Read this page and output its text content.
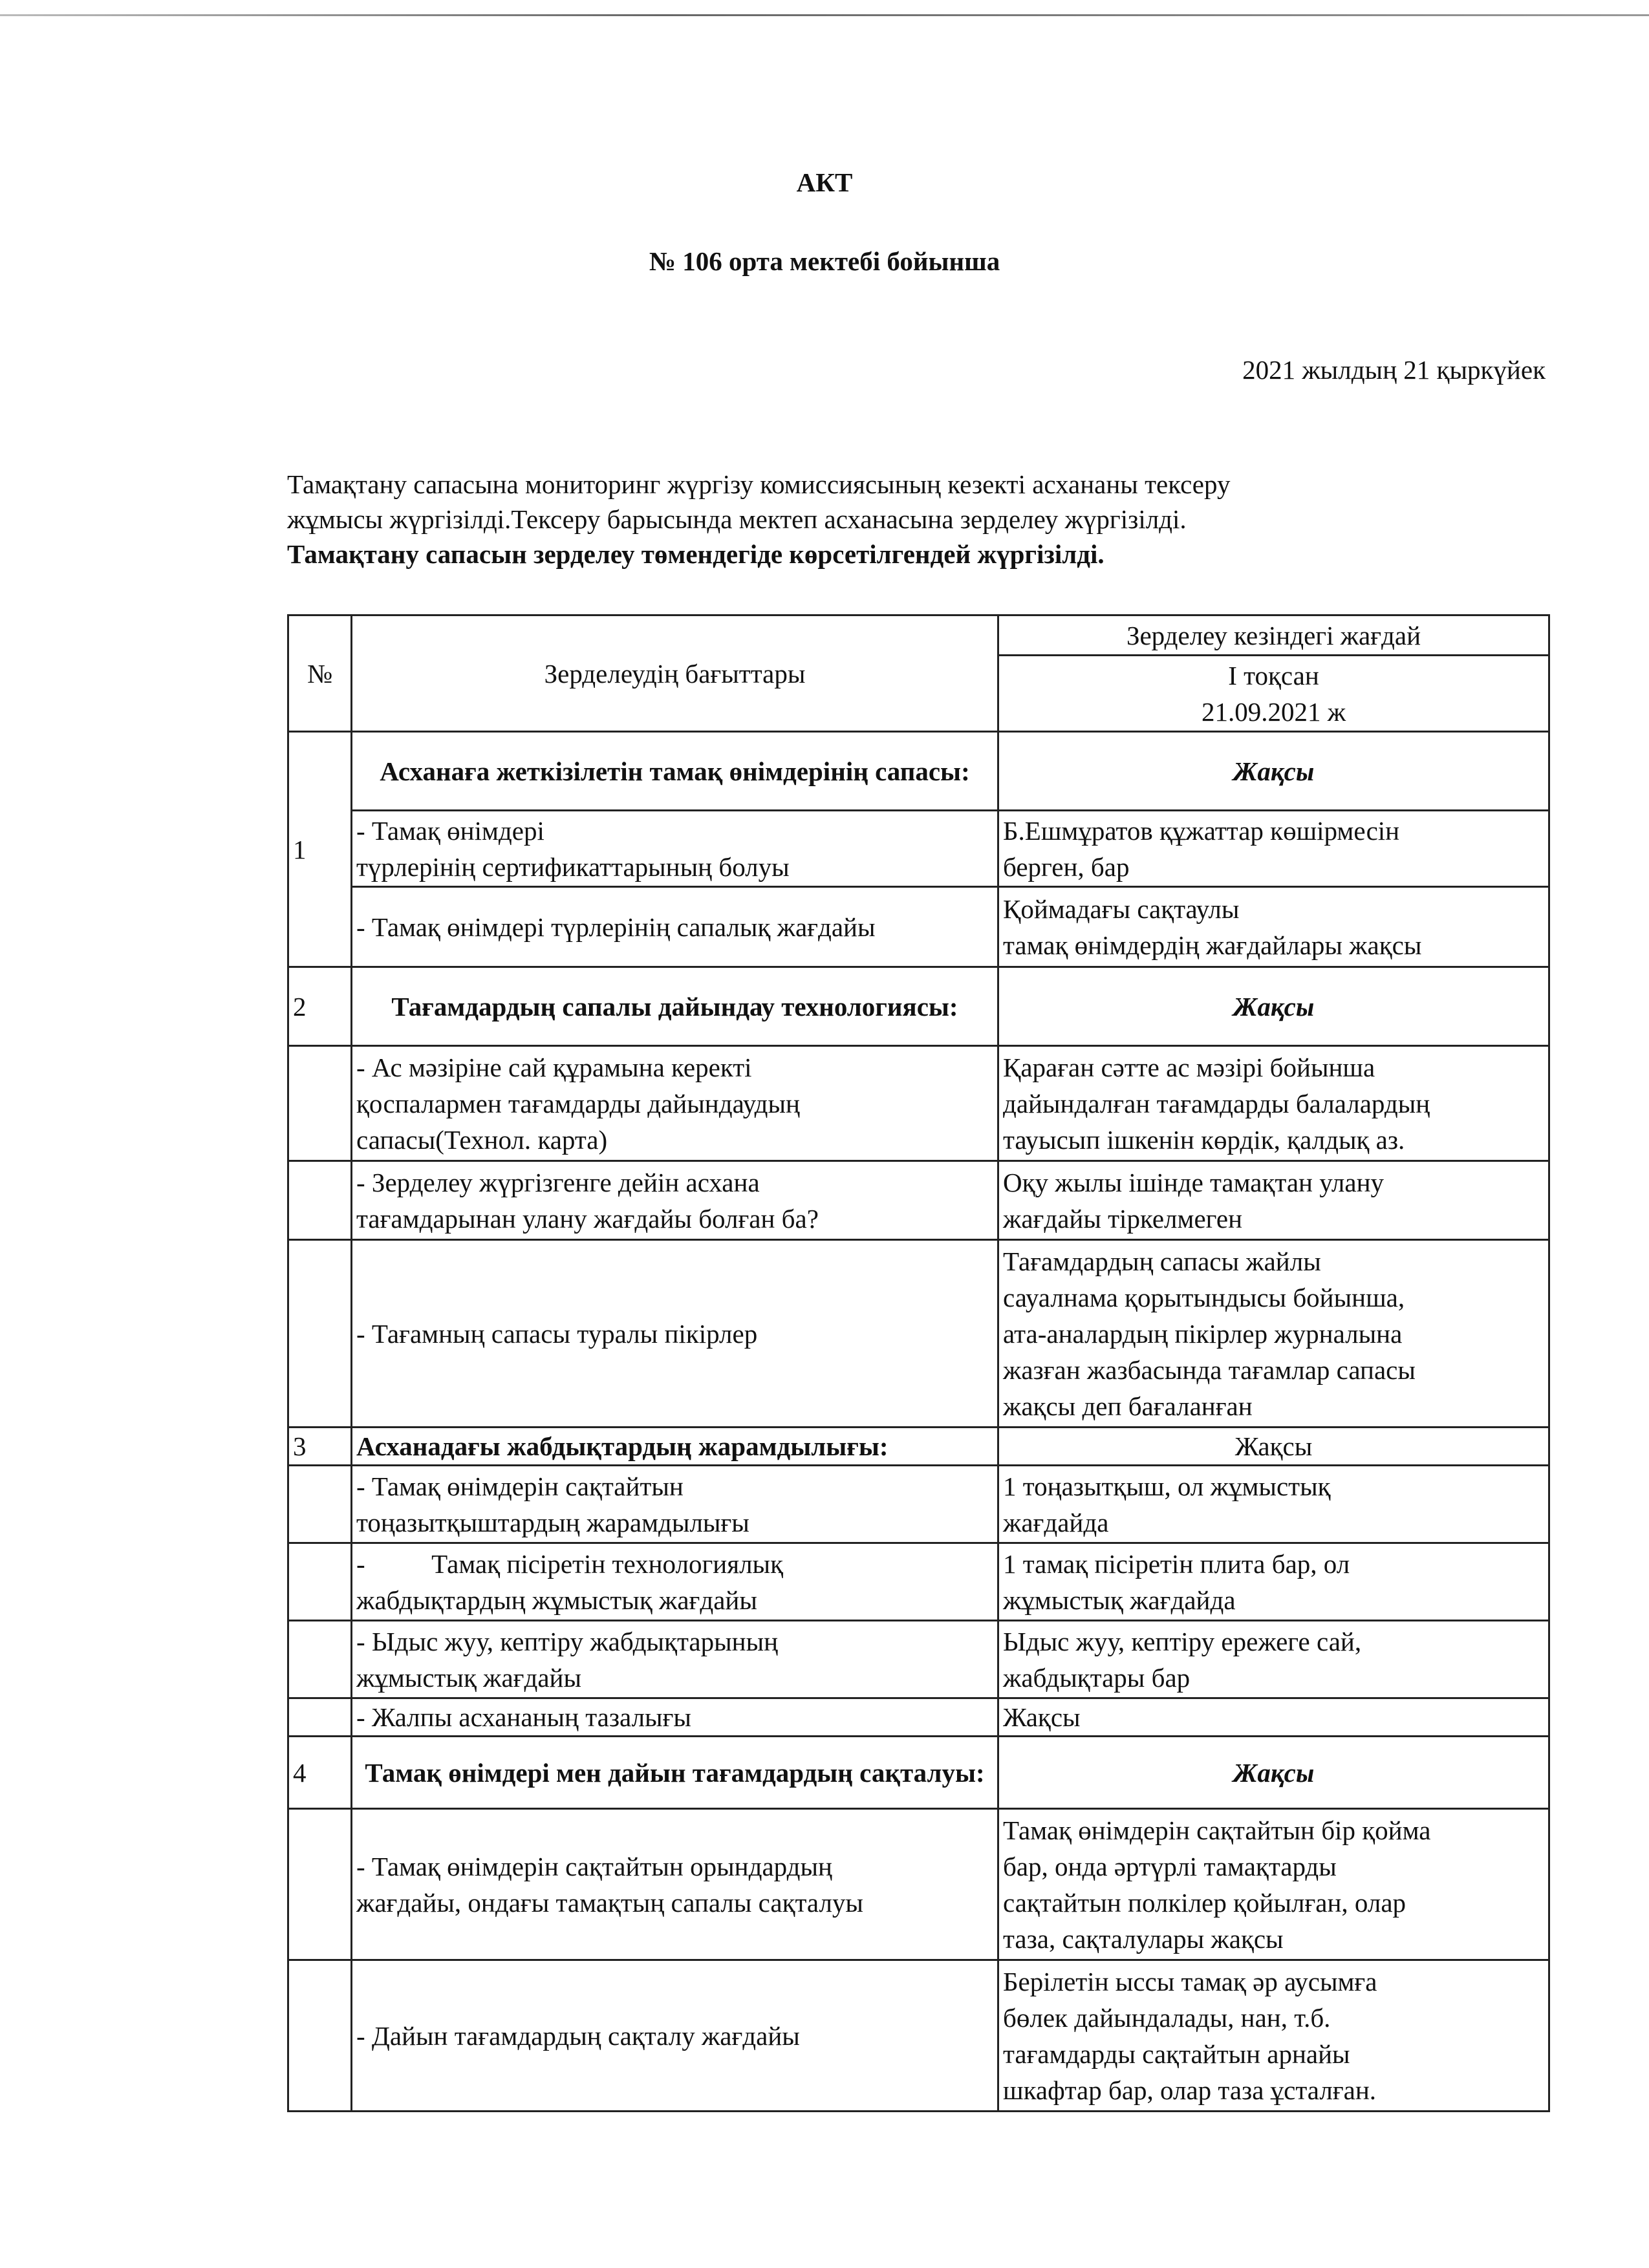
АКТ
№ 106 орта мектебі бойынша
2021 жылдың 21 қыркүйек
Тамақтану сапасына мониторинг жүргізу комиссиясының кезекті асхананы тексеру
жұмысы жүргізілді.Тексеру барысында мектеп асханасына зерделеу жүргізілді.
Тамақтану сапасын зерделеу төмендегіде көрсетілгендей жүргізілді.
№	Зерделеудің бағыттары	Зерделеу кезіндегі жағдай
		I тоқсан
21.09.2021 ж
1	Асханаға жеткізілетін тамақ өнімдерінің сапасы:	Жақсы
	- Тамақ өнімдері
түрлерінің сертификаттарының болуы	Б.Ешмұратов құжаттар көшірмесін
берген, бар
	- Тамақ өнімдері түрлерінің сапалық жағдайы	Қоймадағы сақтаулы
тамақ өнімдердің жағдайлары жақсы
2	Тағамдардың сапалы дайындау технологиясы:	Жақсы
	- Ас мәзіріне сай құрамына керекті
қоспалармен тағамдарды дайындаудың
сапасы(Технол. карта)	Қараған сәтте ас мәзірі бойынша
дайындалған тағамдарды балалардың
тауысып ішкенін көрдік, қалдық аз.
	- Зерделеу жүргізгенге дейін асхана
тағамдарынан улану жағдайы болған ба?	Оқу жылы ішінде тамақтан улану
жағдайы тіркелмеген
	- Тағамның сапасы туралы пікірлер	Тағамдардың сапасы жайлы
сауалнама қорытындысы бойынша,
ата-аналардың пікірлер журналына
жазған жазбасында тағамлар сапасы
жақсы деп бағаланған
3	Асханадағы жабдықтардың жарамдылығы:	Жақсы
	- Тамақ өнімдерін сақтайтын
тоңазытқыштардың жарамдылығы	1 тоңазытқыш, ол жұмыстық
жағдайда
	-          Тамақ пісіретін технологиялық
жабдықтардың жұмыстық жағдайы	1 тамақ пісіретін плита бар, ол
жұмыстық жағдайда
	- Ыдыс жуу, кептіру жабдықтарының
жұмыстық жағдайы	Ыдыс жуу, кептіру ережеге сай,
жабдықтары бар
	- Жалпы асхананың тазалығы	Жақсы
4	Тамақ өнімдері мен дайын тағамдардың сақталуы:	Жақсы
	- Тамақ өнімдерін сақтайтын орындардың
жағдайы, ондағы тамақтың сапалы сақталуы	Тамақ өнімдерін сақтайтын бір қойма
бар, онда әртүрлі тамақтарды
сақтайтын полкілер қойылған, олар
таза, сақталулары жақсы
	- Дайын тағамдардың сақталу жағдайы	Берілетін ыссы тамақ әр аусымға
бөлек дайындалады, нан, т.б.
тағамдарды сақтайтын арнайы
шкафтар бар, олар таза ұсталған.
